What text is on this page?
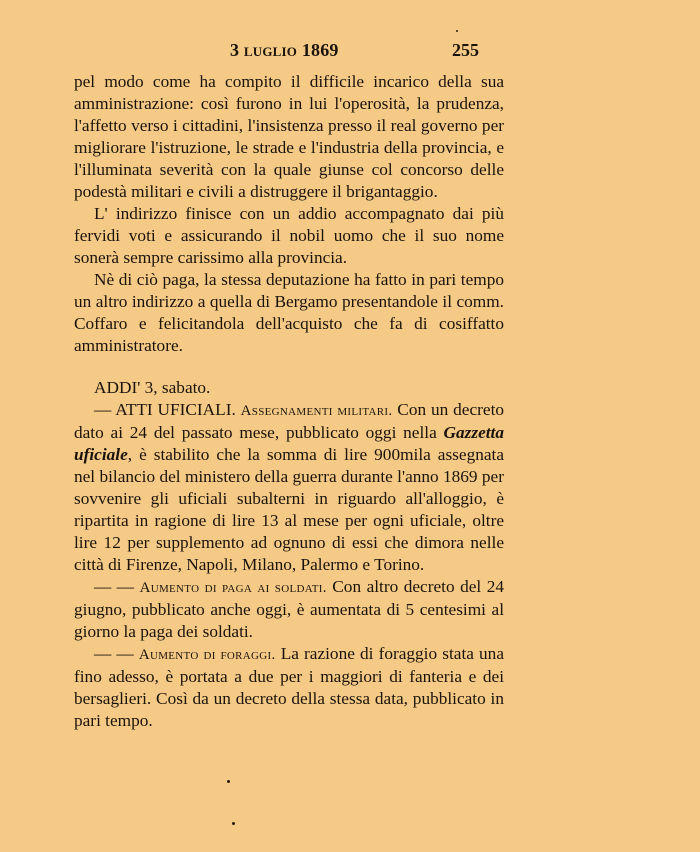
3 luglio 1869	255

pel modo come ha compito il difficile incarico della sua amministrazione: così furono in lui l'operosità, la prudenza, l'affetto verso i cittadini, l'insistenza presso il real governo per migliorare l'istruzione, le strade e l'industria della provincia, e l'illuminata severità con la quale giunse col concorso delle podestà militari e civili a distruggere il brigantaggio.

L' indirizzo finisce con un addio accompagnato dai più fervidi voti e assicurando il nobil uomo che il suo nome sonerà sempre carissimo alla provincia.

Nè di ciò paga, la stessa deputazione ha fatto in pari tempo un altro indirizzo a quella di Bergamo presentandole il comm. Coffaro e felicitandola dell'acquisto che fa di cosiffatto amministratore.

ADDI' 3, sabato.

— ATTI UFICIALI. Assegnamenti militari. Con un decreto dato ai 24 del passato mese, pubblicato oggi nella Gazzetta uficiale, è stabilito che la somma di lire 900mila assegnata nel bilancio del ministero della guerra durante l'anno 1869 per sovvenire gli uficiali subalterni in riguardo all'alloggio, è ripartita in ragione di lire 13 al mese per ogni uficiale, oltre lire 12 per supplemento ad ognuno di essi che dimora nelle città di Firenze, Napoli, Milano, Palermo e Torino.

— — Aumento di paga ai soldati. Con altro decreto del 24 giugno, pubblicato anche oggi, è aumentata di 5 centesimi al giorno la paga dei soldati.

— — Aumento di foraggi. La razione di foraggio stata una fino adesso, è portata a due per i maggiori di fanteria e dei bersaglieri. Così da un decreto della stessa data, pubblicato in pari tempo.
